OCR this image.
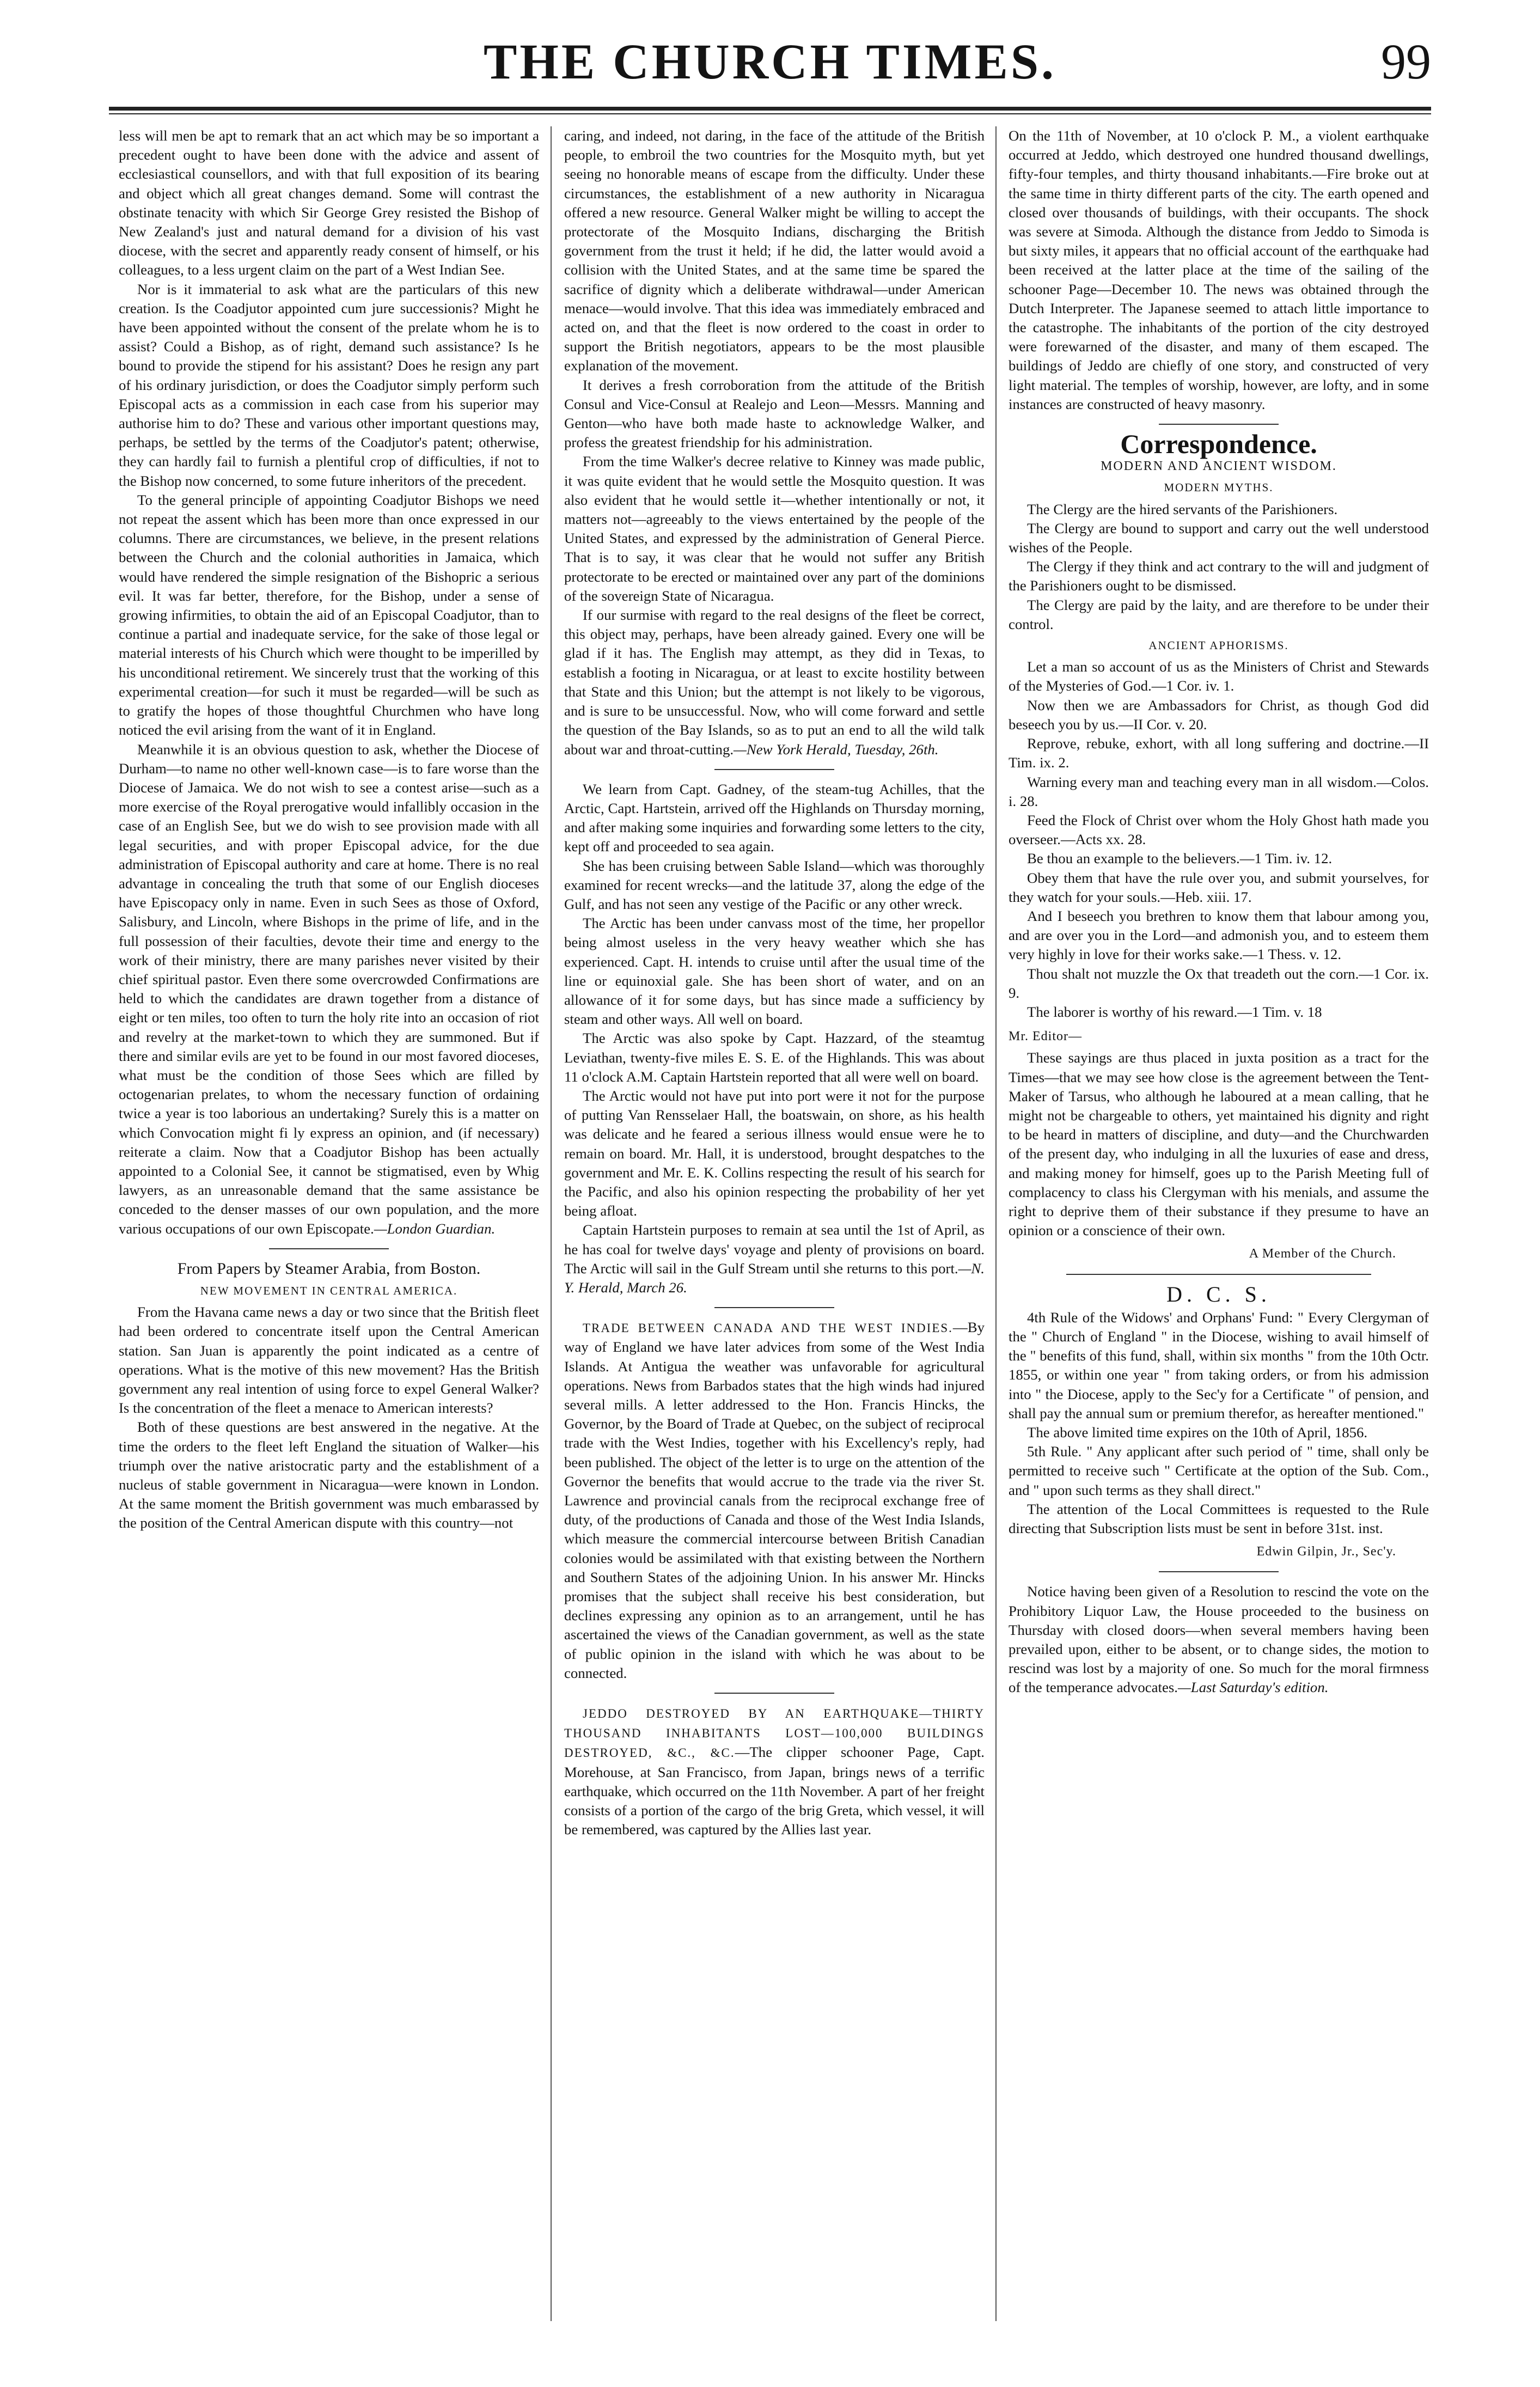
THE CHURCH TIMES.	99

less will men be apt to remark that an act which may be so important a precedent ought to have been done with the advice and assent of ecclesiastical counsellors, and with that full exposition of its bearing and object which all great changes demand. Some will contrast the obstinate tenacity with which Sir George Grey resisted the Bishop of New Zealand's just and natural demand for a division of his vast diocese, with the secret and apparently ready consent of himself, or his colleagues, to a less urgent claim on the part of a West Indian See.

Nor is it immaterial to ask what are the particulars of this new creation. Is the Coadjutor appointed cum jure successionis? Might he have been appointed without the consent of the prelate whom he is to assist? Could a Bishop, as of right, demand such assistance? Is he bound to provide the stipend for his assistant? Does he resign any part of his ordinary jurisdiction, or does the Coadjutor simply perform such Episcopal acts as a commission in each case from his superior may authorise him to do? These and various other important questions may, perhaps, be settled by the terms of the Coadjutor's patent; otherwise, they can hardly fail to furnish a plentiful crop of difficulties, if not to the Bishop now concerned, to some future inheritors of the precedent.

To the general principle of appointing Coadjutor Bishops we need not repeat the assent which has been more than once expressed in our columns. There are circumstances, we believe, in the present relations between the Church and the colonial authorities in Jamaica, which would have rendered the simple resignation of the Bishopric a serious evil. It was far better, therefore, for the Bishop, under a sense of growing infirmities, to obtain the aid of an Episcopal Coadjutor, than to continue a partial and inadequate service, for the sake of those legal or material interests of his Church which were thought to be imperilled by his unconditional retirement. We sincerely trust that the working of this experimental creation—for such it must be regarded—will be such as to gratify the hopes of those thoughtful Churchmen who have long noticed the evil arising from the want of it in England.

Meanwhile it is an obvious question to ask, whether the Diocese of Durham—to name no other well-known case—is to fare worse than the Diocese of Jamaica. We do not wish to see a contest arise—such as a more exercise of the Royal prerogative would infallibly occasion in the case of an English See, but we do wish to see provision made with all legal securities, and with proper Episcopal advice, for the due administration of Episcopal authority and care at home. There is no real advantage in concealing the truth that some of our English dioceses have Episcopacy only in name. Even in such Sees as those of Oxford, Salisbury, and Lincoln, where Bishops in the prime of life, and in the full possession of their faculties, devote their time and energy to the work of their ministry, there are many parishes never visited by their chief spiritual pastor. Even there some overcrowded Confirmations are held to which the candidates are drawn together from a distance of eight or ten miles, too often to turn the holy rite into an occasion of riot and revelry at the market-town to which they are summoned. But if there and similar evils are yet to be found in our most favored dioceses, what must be the condition of those Sees which are filled by octogenarian prelates, to whom the necessary function of ordaining twice a year is too laborious an undertaking? Surely this is a matter on which Convocation might fi ly express an opinion, and (if necessary) reiterate a claim. Now that a Coadjutor Bishop has been actually appointed to a Colonial See, it cannot be stigmatised, even by Whig lawyers, as an unreasonable demand that the same assistance be conceded to the denser masses of our own population, and the more various occupations of our own Episcopate.—London Guardian.

From Papers by Steamer Arabia, from Boston.
NEW MOVEMENT IN CENTRAL AMERICA.

From the Havana came news a day or two since that the British fleet had been ordered to concentrate itself upon the Central American station. San Juan is apparently the point indicated as a centre of operations. What is the motive of this new movement? Has the British government any real intention of using force to expel General Walker? Is the concentration of the fleet a menace to American interests?

Both of these questions are best answered in the negative. At the time the orders to the fleet left England the situation of Walker—his triumph over the native aristocratic party and the establishment of a nucleus of stable government in Nicaragua—were known in London. At the same moment the British government was much embarassed by the position of the Central American dispute with this country—not

caring, and indeed, not daring, in the face of the attitude of the British people, to embroil the two countries for the Mosquito myth, but yet seeing no honorable means of escape from the difficulty. Under these circumstances, the establishment of a new authority in Nicaragua offered a new resource. General Walker might be willing to accept the protectorate of the Mosquito Indians, discharging the British government from the trust it held; if he did, the latter would avoid a collision with the United States, and at the same time be spared the sacrifice of dignity which a deliberate withdrawal—under American menace—would involve. That this idea was immediately embraced and acted on, and that the fleet is now ordered to the coast in order to support the British negotiators, appears to be the most plausible explanation of the movement.

It derives a fresh corroboration from the attitude of the British Consul and Vice-Consul at Realejo and Leon—Messrs. Manning and Genton—who have both made haste to acknowledge Walker, and profess the greatest friendship for his administration.

From the time Walker's decree relative to Kinney was made public, it was quite evident that he would settle the Mosquito question. It was also evident that he would settle it—whether intentionally or not, it matters not—agreeably to the views entertained by the people of the United States, and expressed by the administration of General Pierce. That is to say, it was clear that he would not suffer any British protectorate to be erected or maintained over any part of the dominions of the sovereign State of Nicaragua.

If our surmise with regard to the real designs of the fleet be correct, this object may, perhaps, have been already gained. Every one will be glad if it has. The English may attempt, as they did in Texas, to establish a footing in Nicaragua, or at least to excite hostility between that State and this Union; but the attempt is not likely to be vigorous, and is sure to be unsuccessful. Now, who will come forward and settle the question of the Bay Islands, so as to put an end to all the wild talk about war and throat-cutting.—New York Herald, Tuesday, 26th.

We learn from Capt. Gadney, of the steam-tug Achilles, that the Arctic, Capt. Hartstein, arrived off the Highlands on Thursday morning, and after making some inquiries and forwarding some letters to the city, kept off and proceeded to sea again.

She has been cruising between Sable Island—which was thoroughly examined for recent wrecks—and the latitude 37, along the edge of the Gulf, and has not seen any vestige of the Pacific or any other wreck.

The Arctic has been under canvass most of the time, her propellor being almost useless in the very heavy weather which she has experienced. Capt. H. intends to cruise until after the usual time of the line or equinoxial gale. She has been short of water, and on an allowance of it for some days, but has since made a sufficiency by steam and other ways. All well on board.

The Arctic was also spoke by Capt. Hazzard, of the steamtug Leviathan, twenty-five miles E. S. E. of the Highlands. This was about 11 o'clock A.M. Captain Hartstein reported that all were well on board.

The Arctic would not have put into port were it not for the purpose of putting Van Rensselaer Hall, the boatswain, on shore, as his health was delicate and he feared a serious illness would ensue were he to remain on board. Mr. Hall, it is understood, brought despatches to the government and Mr. E. K. Collins respecting the result of his search for the Pacific, and also his opinion respecting the probability of her yet being afloat.

Captain Hartstein purposes to remain at sea until the 1st of April, as he has coal for twelve days' voyage and plenty of provisions on board. The Arctic will sail in the Gulf Stream until she returns to this port.—N. Y. Herald, March 26.

TRADE BETWEEN CANADA AND THE WEST INDIES.—By way of England we have later advices from some of the West India Islands. At Antigua the weather was unfavorable for agricultural operations. News from Barbados states that the high winds had injured several mills. A letter addressed to the Hon. Francis Hincks, the Governor, by the Board of Trade at Quebec, on the subject of reciprocal trade with the West Indies, together with his Excellency's reply, had been published. The object of the letter is to urge on the attention of the Governor the benefits that would accrue to the trade via the river St. Lawrence and provincial canals from the reciprocal exchange free of duty, of the productions of Canada and those of the West India Islands, which measure the commercial intercourse between British Canadian colonies would be assimilated with that existing between the Northern and Southern States of the adjoining Union. In his answer Mr. Hincks promises that the subject shall receive his best consideration, but declines expressing any opinion as to an arrangement, until he has ascertained the views of the Canadian government, as well as the state of public opinion in the island with which he was about to be connected.

JEDDO DESTROYED BY AN EARTHQUAKE—THIRTY THOUSAND INHABITANTS LOST—100,000 BUILDINGS DESTROYED, &C., &C.—The clipper schooner Page, Capt. Morehouse, at San Francisco, from Japan, brings news of a terrific earthquake, which occurred on the 11th November. A part of her freight consists of a portion of the cargo of the brig Greta, which vessel, it will be remembered, was captured by the Allies last year.

On the 11th of November, at 10 o'clock P. M., a violent earthquake occurred at Jeddo, which destroyed one hundred thousand dwellings, fifty-four temples, and thirty thousand inhabitants.—Fire broke out at the same time in thirty different parts of the city. The earth opened and closed over thousands of buildings, with their occupants. The shock was severe at Simoda. Although the distance from Jeddo to Simoda is but sixty miles, it appears that no official account of the earthquake had been received at the latter place at the time of the sailing of the schooner Page—December 10. The news was obtained through the Dutch Interpreter. The Japanese seemed to attach little importance to the catastrophe. The inhabitants of the portion of the city destroyed were forewarned of the disaster, and many of them escaped. The buildings of Jeddo are chiefly of one story, and constructed of very light material. The temples of worship, however, are lofty, and in some instances are constructed of heavy masonry.

Correspondence.
MODERN AND ANCIENT WISDOM.
MODERN MYTHS.

The Clergy are the hired servants of the Parishioners.

The Clergy are bound to support and carry out the well understood wishes of the People.

The Clergy if they think and act contrary to the will and judgment of the Parishioners ought to be dismissed.

The Clergy are paid by the laity, and are therefore to be under their control.

ANCIENT APHORISMS.

Let a man so account of us as the Ministers of Christ and Stewards of the Mysteries of God.—1 Cor. iv. 1.

Now then we are Ambassadors for Christ, as though God did beseech you by us.—II Cor. v. 20.

Reprove, rebuke, exhort, with all long suffering and doctrine.—II Tim. ix. 2.

Warning every man and teaching every man in all wisdom.—Colos. i. 28.

Feed the Flock of Christ over whom the Holy Ghost hath made you overseer.—Acts xx. 28.

Be thou an example to the believers.—1 Tim. iv. 12.

Obey them that have the rule over you, and submit yourselves, for they watch for your souls.—Heb. xiii. 17.

And I beseech you brethren to know them that labour among you, and are over you in the Lord—and admonish you, and to esteem them very highly in love for their works sake.—1 Thess. v. 12.

Thou shalt not muzzle the Ox that treadeth out the corn.—1 Cor. ix. 9.

The laborer is worthy of his reward.—1 Tim. v. 18

Mr. Editor—

These sayings are thus placed in juxta position as a tract for the Times—that we may see how close is the agreement between the Tent-Maker of Tarsus, who although he laboured at a mean calling, that he might not be chargeable to others, yet maintained his dignity and right to be heard in matters of discipline, and duty—and the Churchwarden of the present day, who indulging in all the luxuries of ease and dress, and making money for himself, goes up to the Parish Meeting full of complacency to class his Clergyman with his menials, and assume the right to deprive them of their substance if they presume to have an opinion or a conscience of their own.

A Member of the Church.
D. C. S.

4th Rule of the Widows' and Orphans' Fund: " Every Clergyman of the " Church of England " in the Diocese, wishing to avail himself of the " benefits of this fund, shall, within six months " from the 10th Octr. 1855, or within one year " from taking orders, or from his admission into " the Diocese, apply to the Sec'y for a Certificate " of pension, and shall pay the annual sum or premium therefor, as hereafter mentioned."

The above limited time expires on the 10th of April, 1856.

5th Rule. " Any applicant after such period of " time, shall only be permitted to receive such " Certificate at the option of the Sub. Com., and " upon such terms as they shall direct."

The attention of the Local Committees is requested to the Rule directing that Subscription lists must be sent in before 31st. inst.

Edwin Gilpin, Jr., Sec'y.

Notice having been given of a Resolution to rescind the vote on the Prohibitory Liquor Law, the House proceeded to the business on Thursday with closed doors—when several members having been prevailed upon, either to be absent, or to change sides, the motion to rescind was lost by a majority of one. So much for the moral firmness of the temperance advocates.—Last Saturday's edition.
